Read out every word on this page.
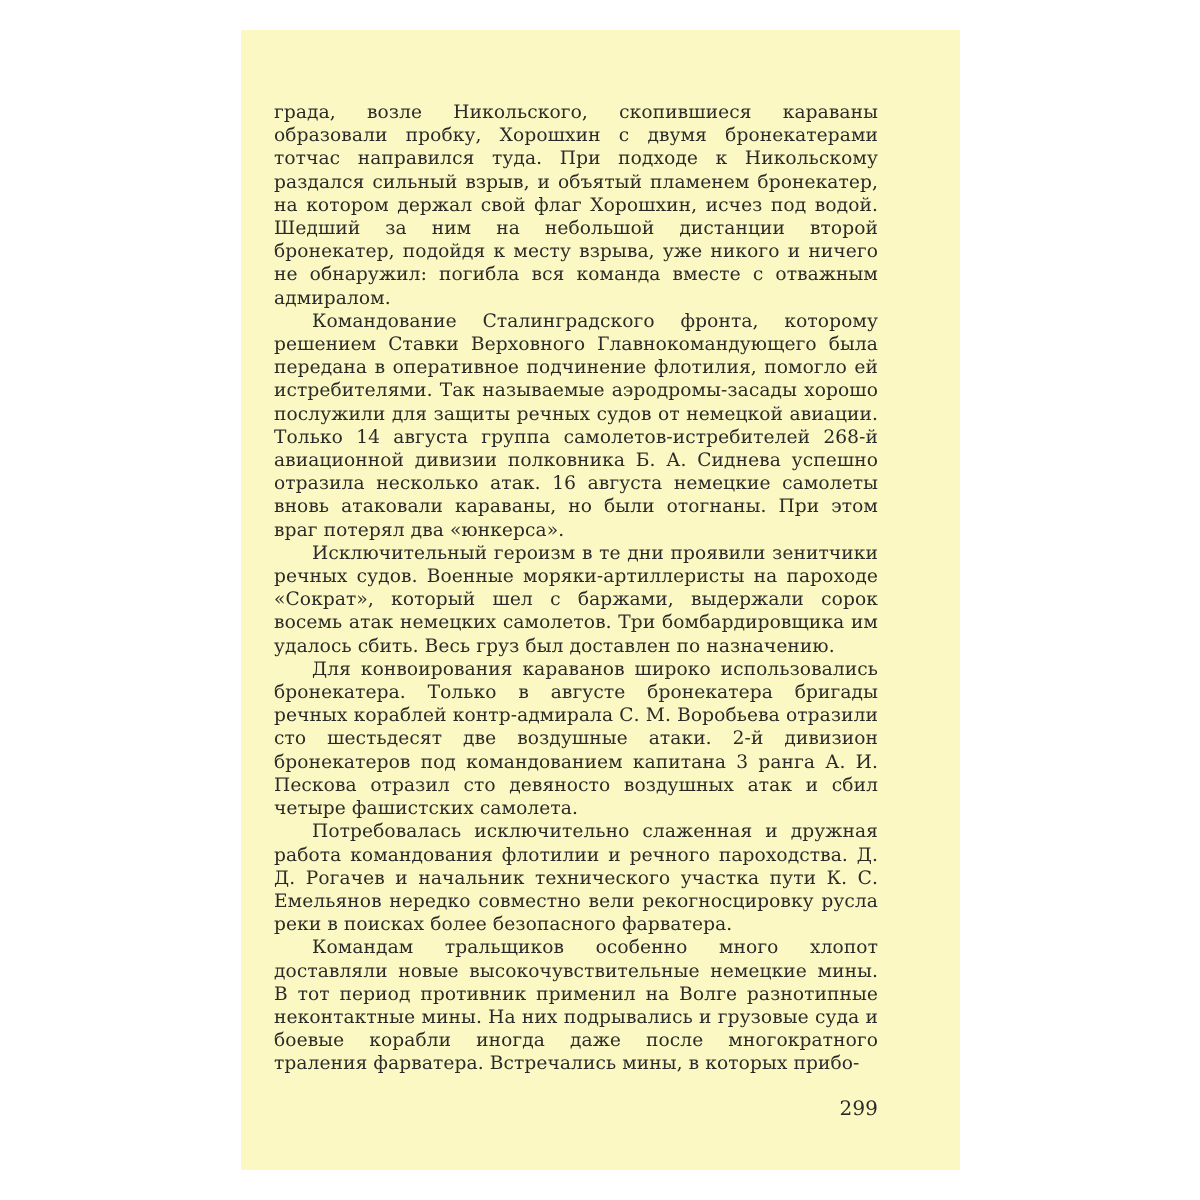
града, возле Никольского, скопившиеся караваны образовали пробку, Хорошхин с двумя бронекатерами тотчас направился туда. При подходе к Никольскому раздался сильный взрыв, и объятый пламенем бронекатер, на котором держал свой флаг Хорошхин, исчез под водой. Шедший за ним на небольшой дистанции второй бронекатер, подойдя к месту взрыва, уже никого и ничего не обнаружил: погибла вся команда вместе с отважным адмиралом.

Командование Сталинградского фронта, которому решением Ставки Верховного Главнокомандующего была передана в оперативное подчинение флотилия, помогло ей истребителями. Так называемые аэродромы-засады хорошо послужили для защиты речных судов от немецкой авиации. Только 14 августа группа самолетов-истребителей 268-й авиационной дивизии полковника Б. А. Сиднева успешно отразила несколько атак. 16 августа немецкие самолеты вновь атаковали караваны, но были отогнаны. При этом враг потерял два «юнкерса».

Исключительный героизм в те дни проявили зенитчики речных судов. Военные моряки-артиллеристы на пароходе «Сократ», который шел с баржами, выдержали сорок восемь атак немецких самолетов. Три бомбардировщика им удалось сбить. Весь груз был доставлен по назначению.

Для конвоирования караванов широко использовались бронекатера. Только в августе бронекатера бригады речных кораблей контр-адмирала С. М. Воробьева отразили сто шестьдесят две воздушные атаки. 2-й дивизион бронекатеров под командованием капитана 3 ранга А. И. Пескова отразил сто девяносто воздушных атак и сбил четыре фашистских самолета.

Потребовалась исключительно слаженная и дружная работа командования флотилии и речного пароходства. Д. Д. Рогачев и начальник технического участка пути К. С. Емельянов нередко совместно вели рекогносцировку русла реки в поисках более безопасного фарватера.

Командам тральщиков особенно много хлопот доставляли новые высокочувствительные немецкие мины. В тот период противник применил на Волге разнотипные неконтактные мины. На них подрывались и грузовые суда и боевые корабли иногда даже после многократного траления фарватера. Встречались мины, в которых прибо-

299
